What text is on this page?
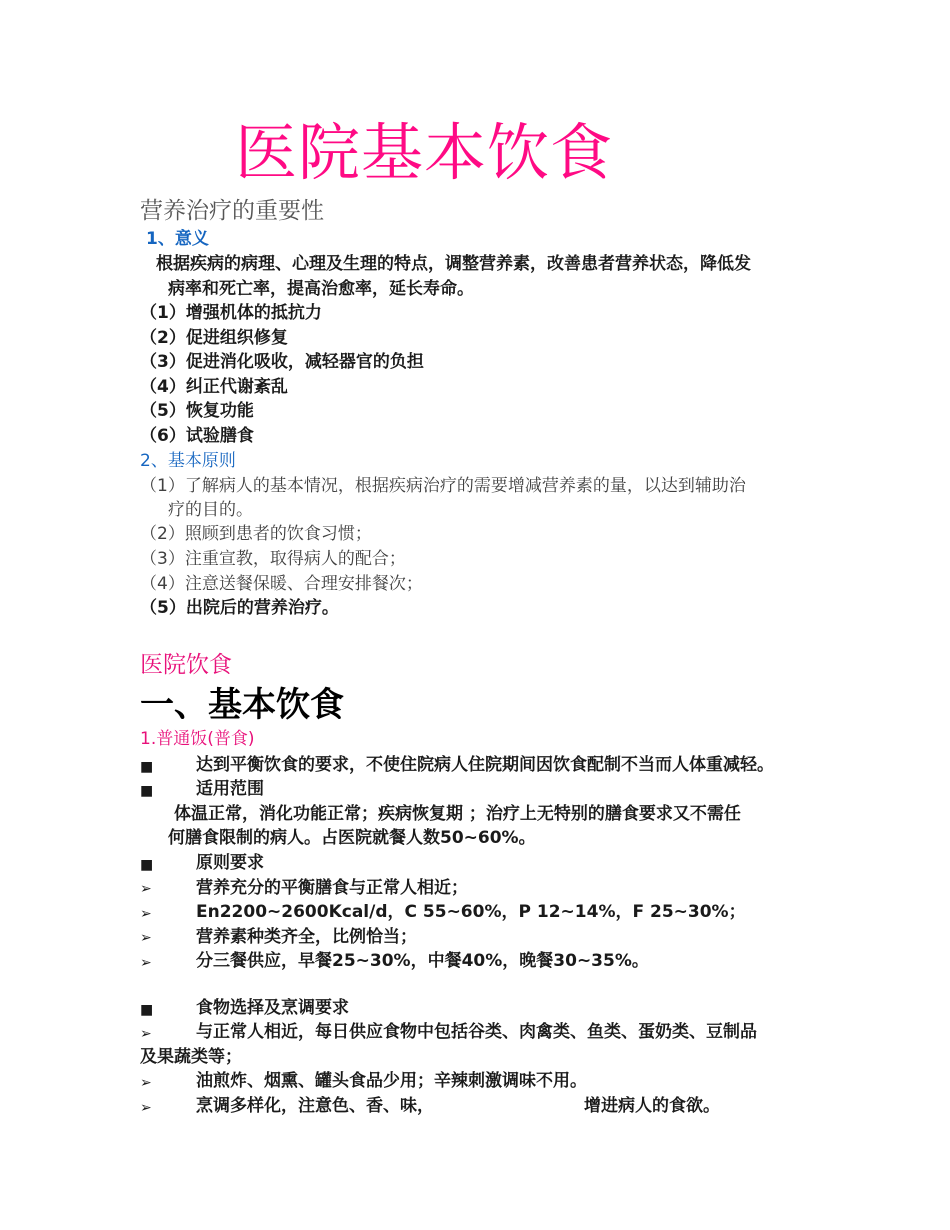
医院基本饮食
营养治疗的重要性
1、意义
根据疾病的病理、心理及生理的特点，调整营养素，改善患者营养状态，降低发
病率和死亡率，提高治愈率，延长寿命。
（1）增强机体的抵抗力
（2）促进组织修复
（3）促进消化吸收，减轻器官的负担
（4）纠正代谢紊乱
（5）恢复功能
（6）试验膳食
2、基本原则
（1）了解病人的基本情况，根据疾病治疗的需要增减营养素的量，以达到辅助治
疗的目的。
（2）照顾到患者的饮食习惯；
（3）注重宣教，取得病人的配合；
（4）注意送餐保暖、合理安排餐次；
（5）出院后的营养治疗。
医院饮食
一、基本饮食
1.普通饭(普食)
■	达到平衡饮食的要求，不使住院病人住院期间因饮食配制不当而人体重减轻。
■	适用范围
体温正常，消化功能正常；疾病恢复期 ；治疗上无特别的膳食要求又不需任
何膳食限制的病人。占医院就餐人数50~60%。
■	原则要求
➢	营养充分的平衡膳食与正常人相近；
➢	En2200~2600Kcal/d，C 55~60%，P 12~14%，F 25~30%；
➢	营养素种类齐全，比例恰当；
➢	分三餐供应，早餐25~30%，中餐40%，晚餐30~35%。
■	食物选择及烹调要求
➢	与正常人相近，每日供应食物中包括谷类、肉禽类、鱼类、蛋奶类、豆制品
及果蔬类等；
➢	油煎炸、烟熏、罐头食品少用；辛辣刺激调味不用。
➢	烹调多样化，注意色、香、味，	增进病人的食欲。
